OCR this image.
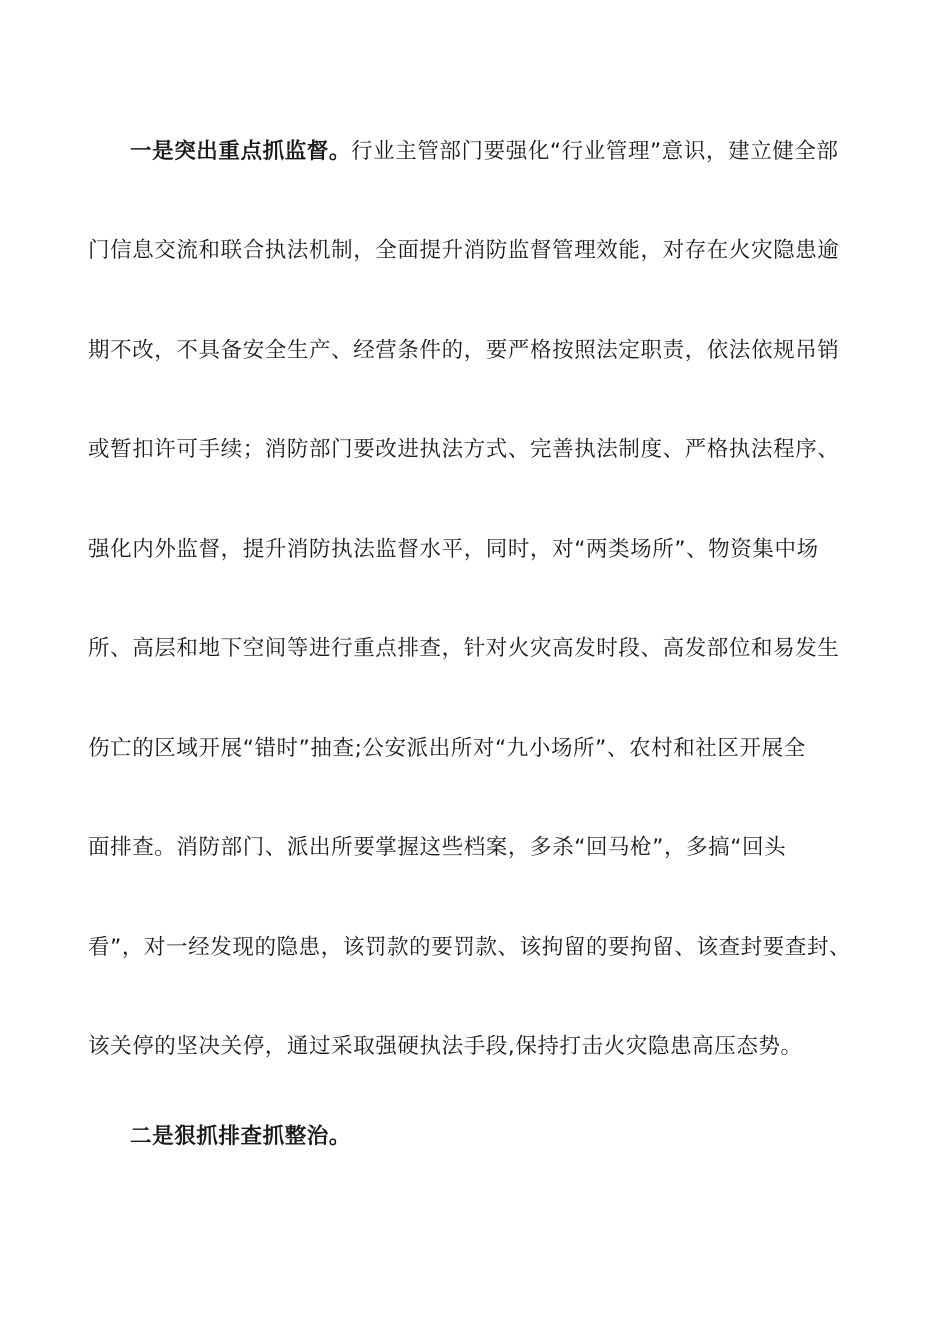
一是突出重点抓监督。行业主管部门要强化“行业管理”意识，建立健全部
门信息交流和联合执法机制，全面提升消防监督管理效能，对存在火灾隐患逾
期不改，不具备安全生产、经营条件的，要严格按照法定职责，依法依规吊销
或暂扣许可手续；消防部门要改进执法方式、完善执法制度、严格执法程序、
强化内外监督，提升消防执法监督水平，同时，对“两类场所”、物资集中场
所、高层和地下空间等进行重点排查，针对火灾高发时段、高发部位和易发生
伤亡的区域开展“错时”抽查;公安派出所对“九小场所”、农村和社区开展全
面排查。消防部门、派出所要掌握这些档案，多杀“回马枪”，多搞“回头
看”，对一经发现的隐患，该罚款的要罚款、该拘留的要拘留、该查封要查封、
该关停的坚决关停，通过采取强硬执法手段,保持打击火灾隐患高压态势。
二是狠抓排查抓整治。
